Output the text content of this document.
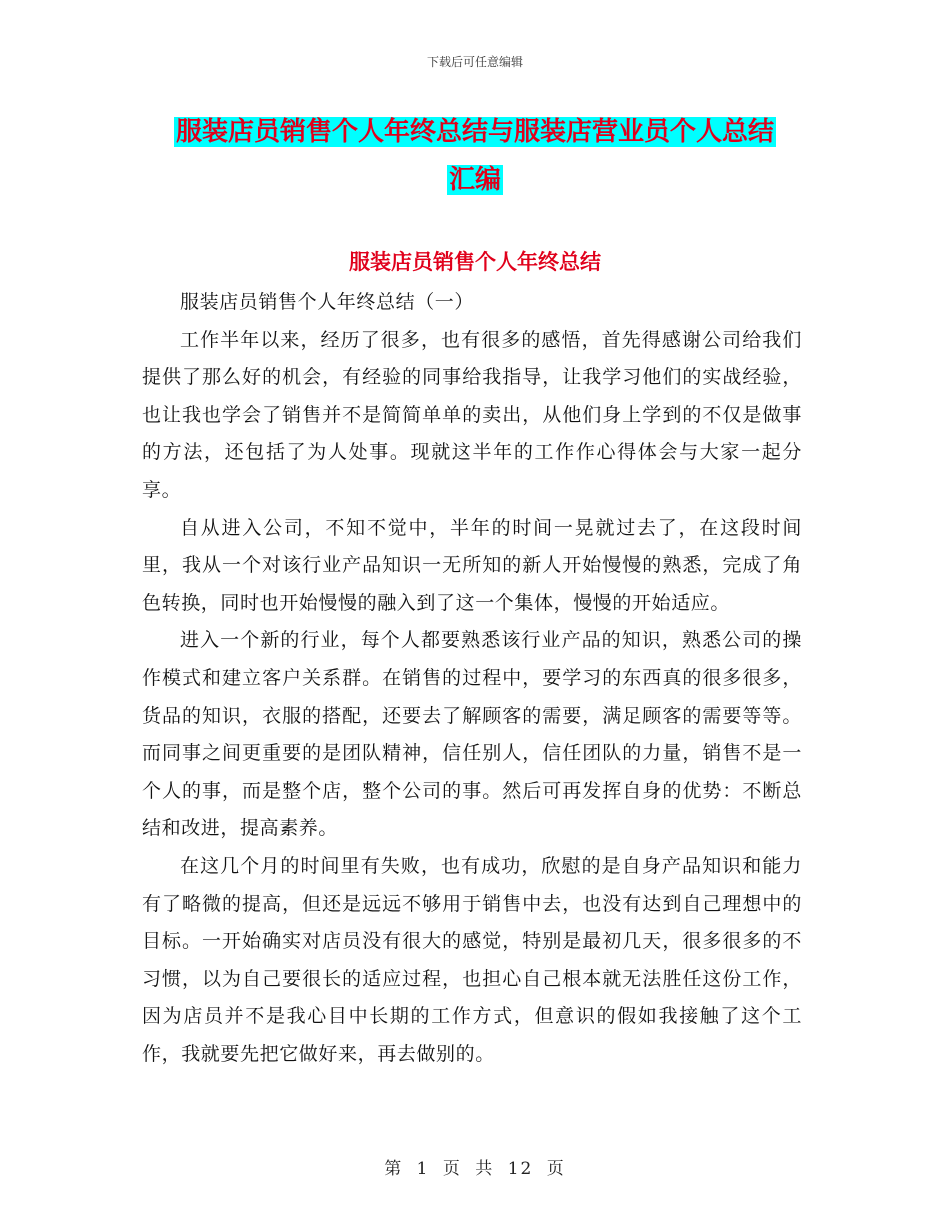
下载后可任意编辑
服装店员销售个人年终总结与服装店营业员个人总结
汇编
服装店员销售个人年终总结

服装店员销售个人年终总结（一）

工作半年以来，经历了很多，也有很多的感悟，首先得感谢公司给我们提供了那么好的机会，有经验的同事给我指导，让我学习他们的实战经验，也让我也学会了销售并不是简简单单的卖出，从他们身上学到的不仅是做事的方法，还包括了为人处事。现就这半年的工作作心得体会与大家一起分享。

自从进入公司，不知不觉中，半年的时间一晃就过去了，在这段时间里，我从一个对该行业产品知识一无所知的新人开始慢慢的熟悉，完成了角色转换，同时也开始慢慢的融入到了这一个集体，慢慢的开始适应。

进入一个新的行业，每个人都要熟悉该行业产品的知识，熟悉公司的操作模式和建立客户关系群。在销售的过程中，要学习的东西真的很多很多，货品的知识，衣服的搭配，还要去了解顾客的需要，满足顾客的需要等等。而同事之间更重要的是团队精神，信任别人，信任团队的力量，销售不是一个人的事，而是整个店，整个公司的事。然后可再发挥自身的优势：不断总结和改进，提高素养。

在这几个月的时间里有失败，也有成功，欣慰的是自身产品知识和能力有了略微的提高，但还是远远不够用于销售中去，也没有达到自己理想中的目标。一开始确实对店员没有很大的感觉，特别是最初几天，很多很多的不习惯，以为自己要很长的适应过程，也担心自己根本就无法胜任这份工作，因为店员并不是我心目中长期的工作方式，但意识的假如我接触了这个工作，我就要先把它做好来，再去做别的。

第 1 页 共 12 页
